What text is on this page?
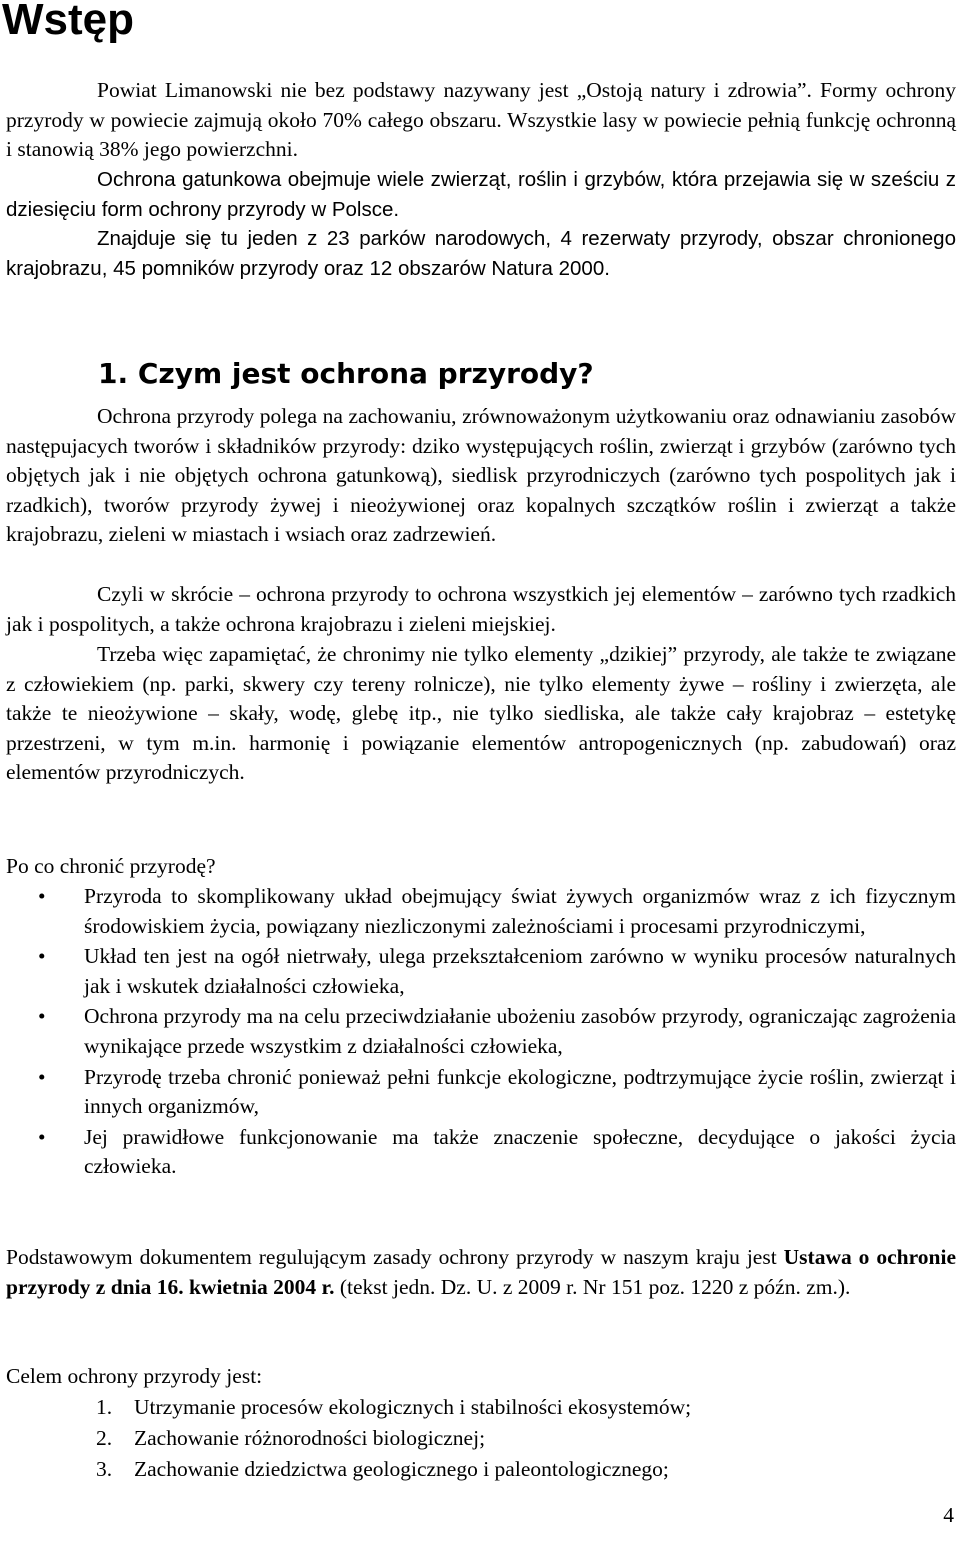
Wstęp

Powiat Limanowski nie bez podstawy nazywany jest „Ostoją natury i zdrowia”. Formy ochrony przyrody w powiecie zajmują około 70% całego obszaru. Wszystkie lasy w powiecie pełnią funkcję ochronną i stanowią 38% jego powierzchni.

Ochrona gatunkowa obejmuje wiele zwierząt, roślin i grzybów, która przejawia się w sześciu z dziesięciu form ochrony przyrody w Polsce.

Znajduje się tu jeden z 23 parków narodowych, 4 rezerwaty przyrody, obszar chronionego krajobrazu, 45 pomników przyrody oraz 12 obszarów Natura 2000.

1. Czym jest ochrona przyrody?

Ochrona przyrody polega na zachowaniu, zrównoważonym użytkowaniu oraz odnawianiu zasobów następujacych tworów i składników przyrody: dziko występujących roślin, zwierząt i grzybów (zarówno tych objętych jak i nie objętych ochrona gatunkową), siedlisk przyrodniczych (zarówno tych pospolitych jak i rzadkich), tworów przyrody żywej i nieożywionej oraz kopalnych szczątków roślin i zwierząt a także krajobrazu, zieleni w miastach i wsiach oraz zadrzewień.

Czyli w skrócie – ochrona przyrody to ochrona wszystkich jej elementów – zarówno tych rzadkich jak i pospolitych, a także ochrona krajobrazu i zieleni miejskiej.

Trzeba więc zapamiętać, że chronimy nie tylko elementy „dzikiej” przyrody, ale także te związane z człowiekiem (np. parki, skwery czy tereny rolnicze), nie tylko elementy żywe – rośliny i zwierzęta, ale także te nieożywione – skały, wodę, glebę itp., nie tylko siedliska, ale także cały krajobraz – estetykę przestrzeni, w tym m.in. harmonię i powiązanie elementów antropogenicznych (np. zabudowań) oraz elementów przyrodniczych.

Po co chronić przyrodę?

• Przyroda to skomplikowany układ obejmujący świat żywych organizmów wraz z ich fizycznym środowiskiem życia, powiązany niezliczonymi zależnościami i procesami przyrodniczymi,
• Układ ten jest na ogół nietrwały, ulega przekształceniom zarówno w wyniku procesów naturalnych jak i wskutek działalności człowieka,
• Ochrona przyrody ma na celu przeciwdziałanie ubożeniu zasobów przyrody, ograniczając zagrożenia wynikające przede wszystkim z działalności człowieka,
• Przyrodę trzeba chronić ponieważ pełni funkcje ekologiczne, podtrzymujące życie roślin, zwierząt i innych organizmów,
• Jej prawidłowe funkcjonowanie ma także znaczenie społeczne, decydujące o jakości życia człowieka.

Podstawowym dokumentem regulującym zasady ochrony przyrody w naszym kraju jest Ustawa o ochronie przyrody z dnia 16. kwietnia 2004 r. (tekst jedn. Dz. U. z 2009 r. Nr 151 poz. 1220 z późn. zm.).

Celem ochrony przyrody jest:

1. Utrzymanie procesów ekologicznych i stabilności ekosystemów;
2. Zachowanie różnorodności biologicznej;
3. Zachowanie dziedzictwa geologicznego i paleontologicznego;
4
